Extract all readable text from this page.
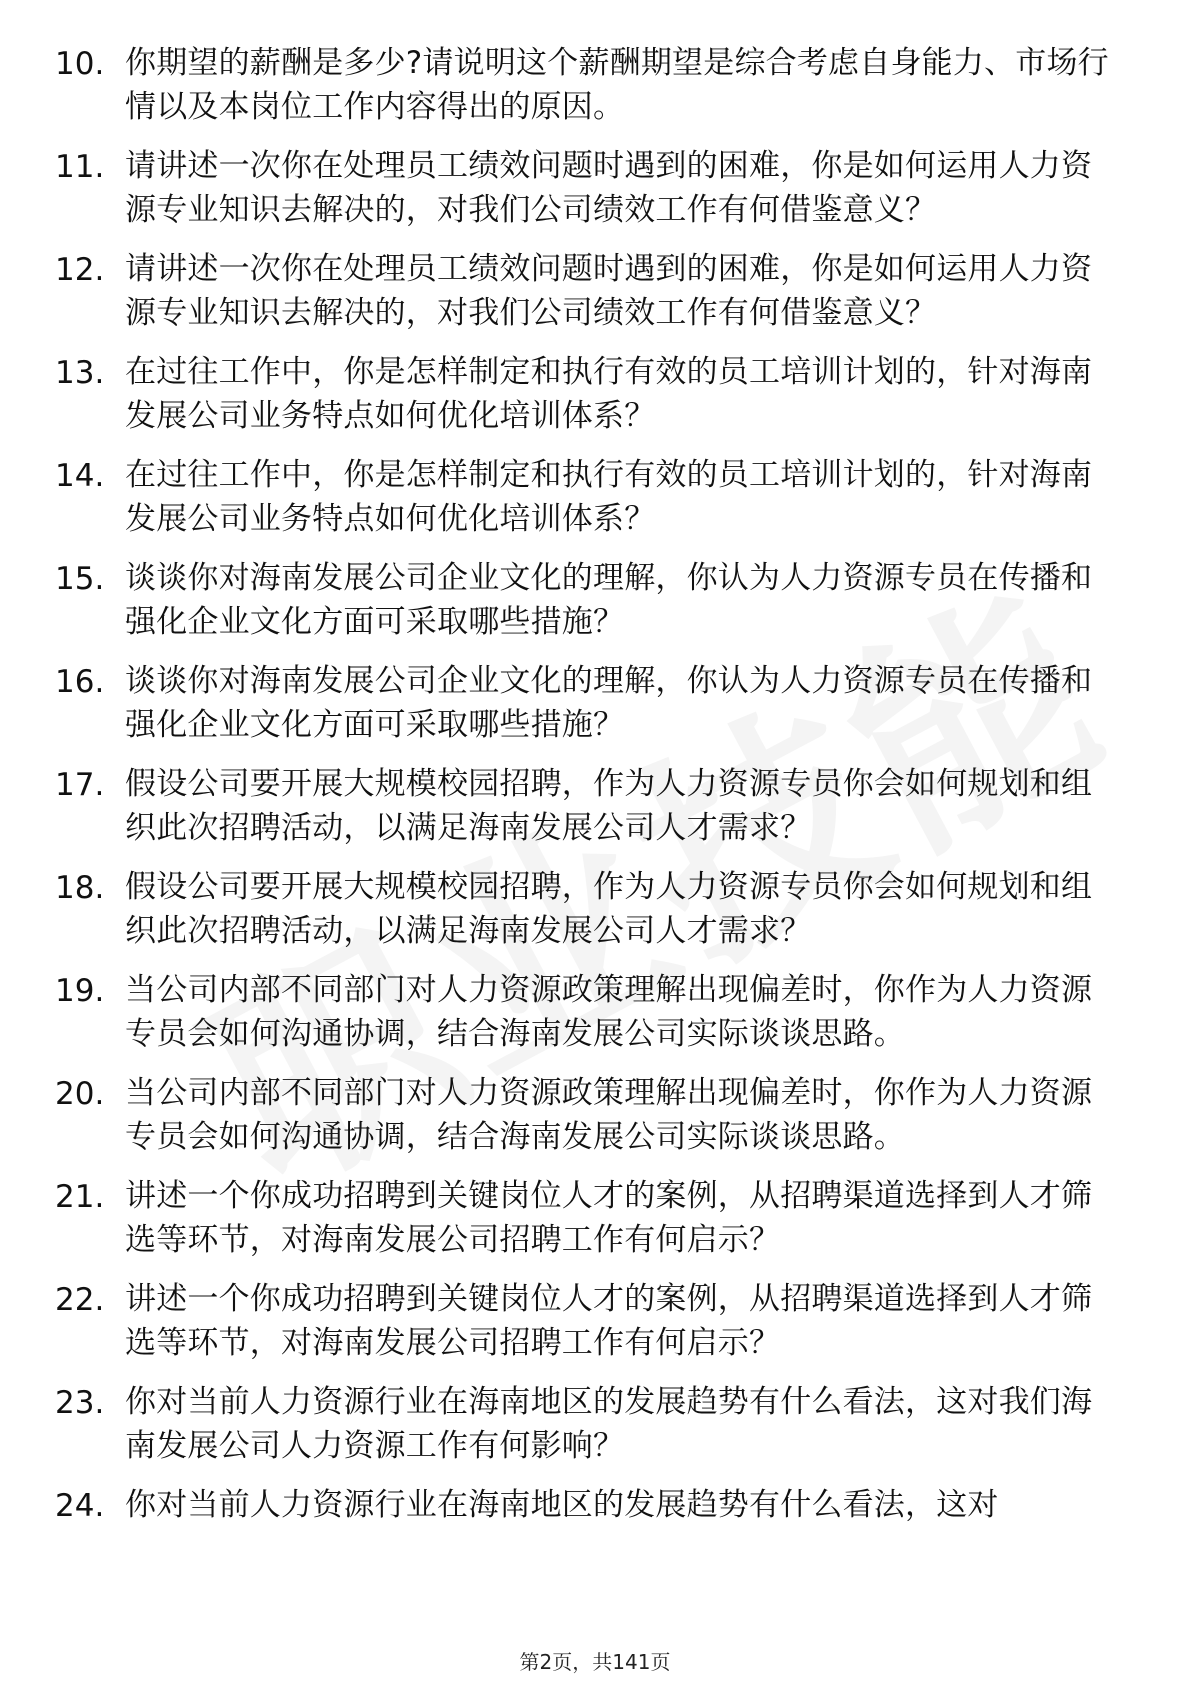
10. 你期望的薪酬是多少?请说明这个薪酬期望是综合考虑自身能力、市场行情以及本岗位工作内容得出的原因。
11. 请讲述一次你在处理员工绩效问题时遇到的困难，你是如何运用人力资源专业知识去解决的，对我们公司绩效工作有何借鉴意义？
12. 请讲述一次你在处理员工绩效问题时遇到的困难，你是如何运用人力资源专业知识去解决的，对我们公司绩效工作有何借鉴意义？
13. 在过往工作中，你是怎样制定和执行有效的员工培训计划的，针对海南发展公司业务特点如何优化培训体系？
14. 在过往工作中，你是怎样制定和执行有效的员工培训计划的，针对海南发展公司业务特点如何优化培训体系？
15. 谈谈你对海南发展公司企业文化的理解，你认为人力资源专员在传播和强化企业文化方面可采取哪些措施？
16. 谈谈你对海南发展公司企业文化的理解，你认为人力资源专员在传播和强化企业文化方面可采取哪些措施？
17. 假设公司要开展大规模校园招聘，作为人力资源专员你会如何规划和组织此次招聘活动，以满足海南发展公司人才需求？
18. 假设公司要开展大规模校园招聘，作为人力资源专员你会如何规划和组织此次招聘活动，以满足海南发展公司人才需求？
19. 当公司内部不同部门对人力资源政策理解出现偏差时，你作为人力资源专员会如何沟通协调，结合海南发展公司实际谈谈思路。
20. 当公司内部不同部门对人力资源政策理解出现偏差时，你作为人力资源专员会如何沟通协调，结合海南发展公司实际谈谈思路。
21. 讲述一个你成功招聘到关键岗位人才的案例，从招聘渠道选择到人才筛选等环节，对海南发展公司招聘工作有何启示？
22. 讲述一个你成功招聘到关键岗位人才的案例，从招聘渠道选择到人才筛选等环节，对海南发展公司招聘工作有何启示？
23. 你对当前人力资源行业在海南地区的发展趋势有什么看法，这对我们海南发展公司人力资源工作有何影响？
24. 你对当前人力资源行业在海南地区的发展趋势有什么看法，这对
第2页，共141页
